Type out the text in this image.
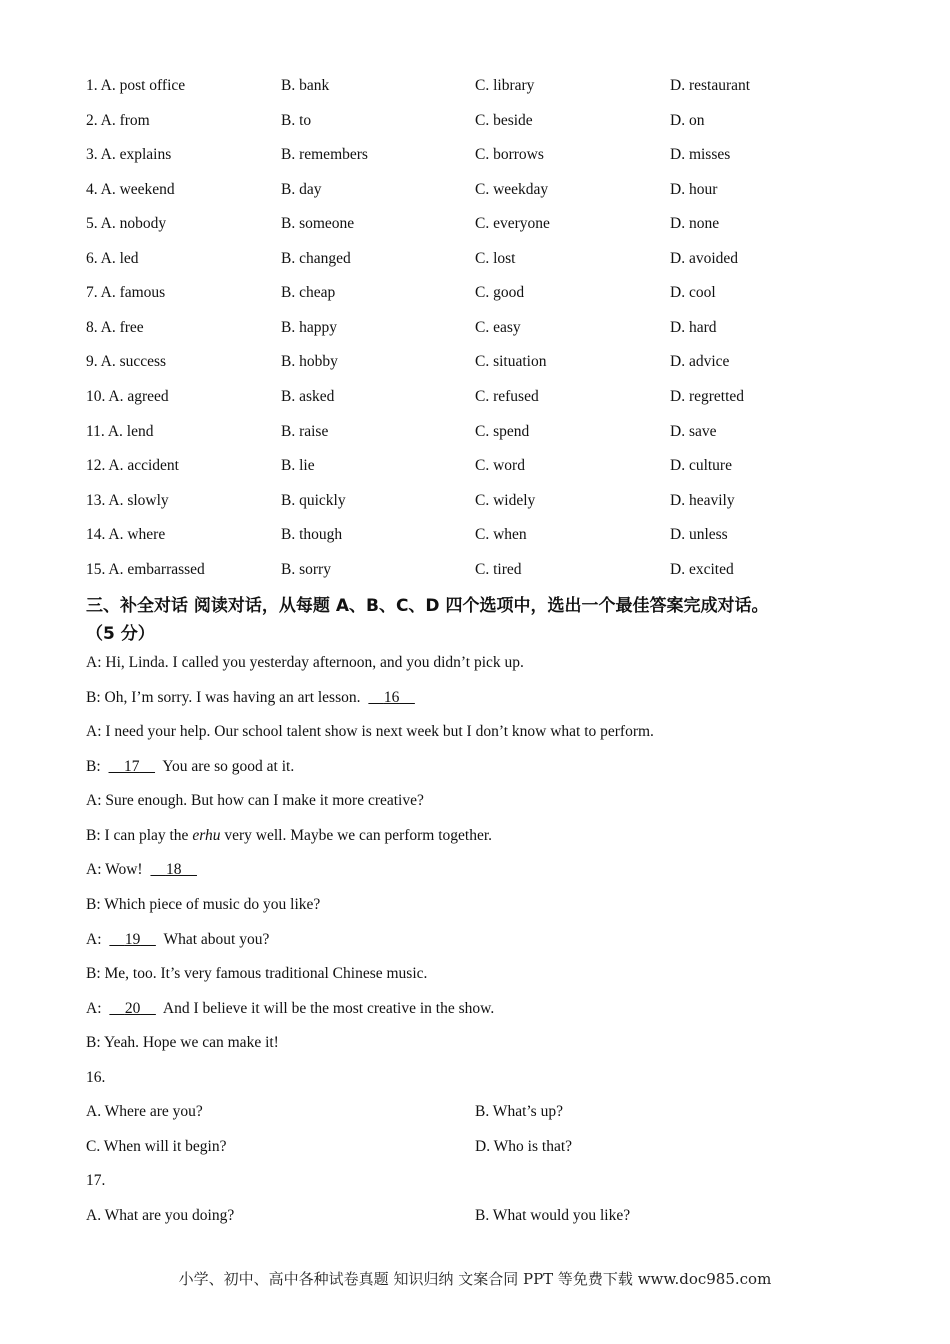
1. A. post office	B. bank	C. library	D. restaurant
2. A. from	B. to	C. beside	D. on
3. A. explains	B. remembers	C. borrows	D. misses
4. A. weekend	B. day	C. weekday	D. hour
5. A. nobody	B. someone	C. everyone	D. none
6. A. led	B. changed	C. lost	D. avoided
7. A. famous	B. cheap	C. good	D. cool
8. A. free	B. happy	C. easy	D. hard
9. A. success	B. hobby	C. situation	D. advice
10. A. agreed	B. asked	C. refused	D. regretted
11. A. lend	B. raise	C. spend	D. save
12. A. accident	B. lie	C. word	D. culture
13. A. slowly	B. quickly	C. widely	D. heavily
14. A. where	B. though	C. when	D. unless
15. A. embarrassed	B. sorry	C. tired	D. excited
三、补全对话 阅读对话，从每题 A、B、C、D 四个选项中，选出一个最佳答案完成对话。
（5 分）
A: Hi, Linda. I called you yesterday afternoon, and you didn’t pick up.
B: Oh, I’m sorry. I was having an art lesson.     16
A: I need your help. Our school talent show is next week but I don’t know what to perform.
B:     17     You are so good at it.
A: Sure enough. But how can I make it more creative?
B: I can play the erhu very well. Maybe we can perform together.
A: Wow!     18
B: Which piece of music do you like?
A:     19     What about you?
B: Me, too. It’s very famous traditional Chinese music.
A:     20     And I believe it will be the most creative in the show.
B: Yeah. Hope we can make it!
16.
A. Where are you?	B. What’s up?
C. When will it begin?	D. Who is that?
17.
A. What are you doing?	B. What would you like?
小学、初中、高中各种试卷真题 知识归纳 文案合同 PPT 等免费下载 www.doc985.com
